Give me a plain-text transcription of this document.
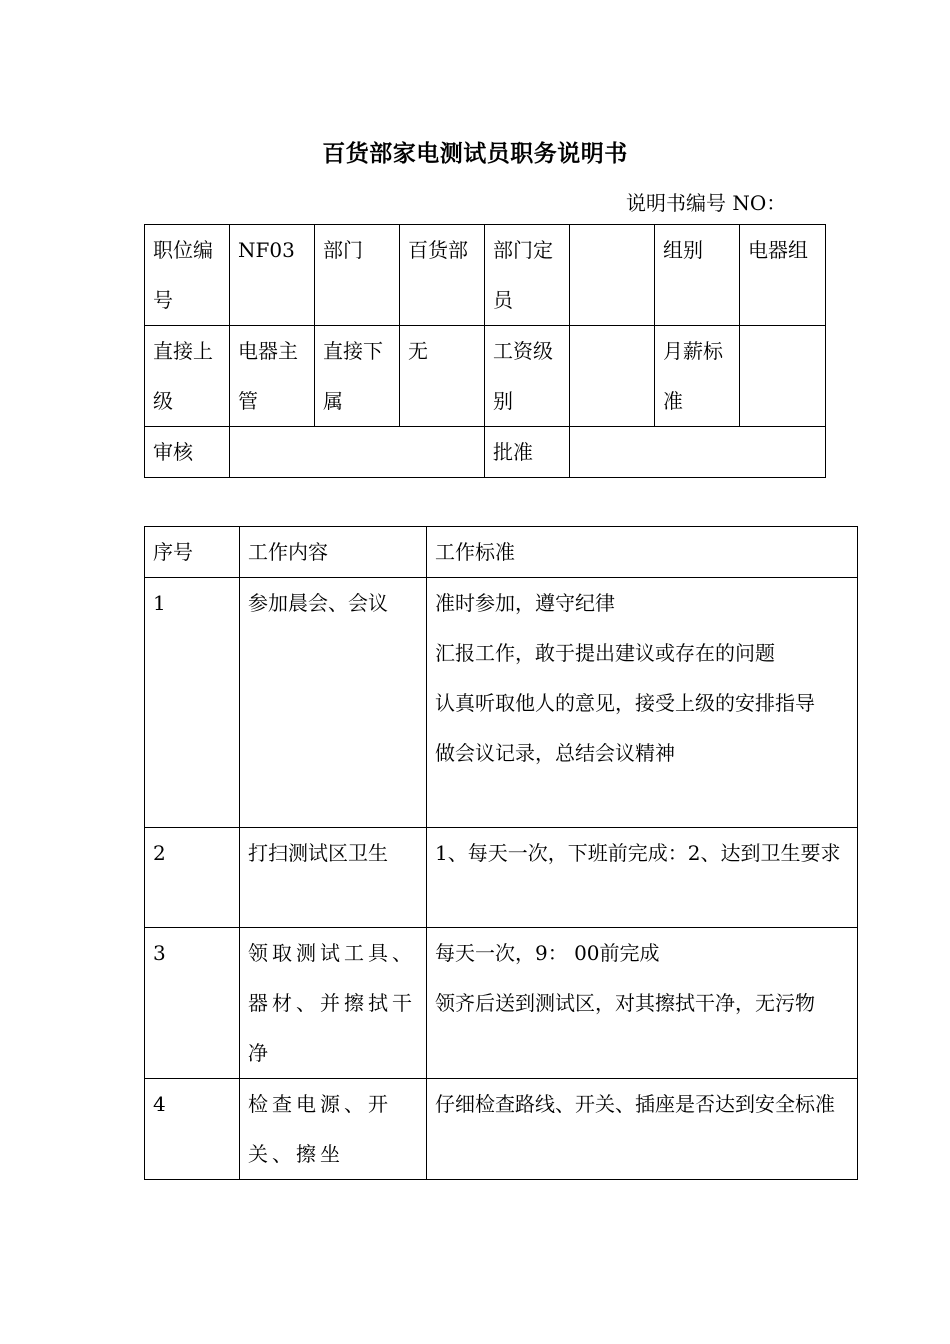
百货部家电测试员职务说明书
说明书编号 NO：
职位编号	NF03	部门	百货部	部门定员		组别	电器组
直接上级	电器主管	直接下属	无	工资级别		月薪标准	
审核				批准			
序号	工作内容	工作标准
1	参加晨会、会议	准时参加，遵守纪律
汇报工作，敢于提出建议或存在的问题
认真听取他人的意见，接受上级的安排指导
做会议记录，总结会议精神

2	打扫测试区卫生	1、每天一次，下班前完成：2、达到卫生要求

3	领取测试工具、器材、并擦拭干净	每天一次，9： 00前完成
领齐后送到测试区，对其擦拭干净，无污物

4	检查电源、开关、擦坐	仔细检查路线、开关、插座是否达到安全标准
